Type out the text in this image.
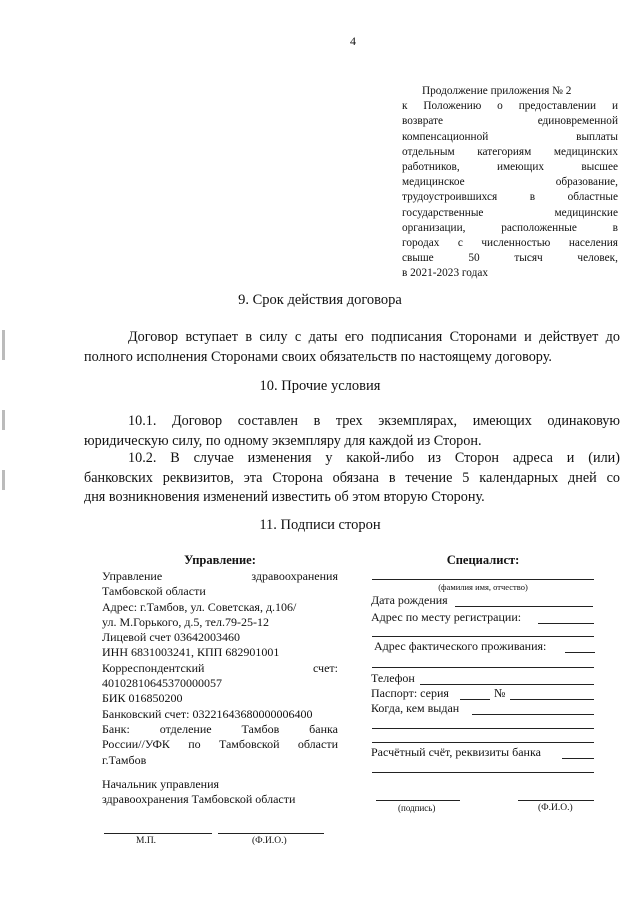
4
Продолжение приложения № 2
к Положению о предоставлении и
возврате единовременной
компенсационной выплаты
отдельным категориям медицинских
работников, имеющих высшее
медицинское образование,
трудоустроившихся в областные
государственные медицинские
организации, расположенные в
городах с численностью населения
свыше 50 тысяч человек,
в 2021-2023 годах
9. Срок действия договора
Договор вступает в силу с даты его подписания Сторонами и действует до
полного исполнения Сторонами своих обязательств по настоящему договору.
10. Прочие условия
10.1. Договор составлен в трех экземплярах, имеющих одинаковую
юридическую силу, по одному экземпляру для каждой из Сторон.
10.2. В случае изменения у какой-либо из Сторон адреса и (или)
банковских реквизитов, эта Сторона обязана в течение 5 календарных дней со
дня возникновения изменений известить об этом вторую Сторону.
11. Подписи сторон
Управление:
Управление здравоохранения
Тамбовской области
Адрес: г.Тамбов, ул. Советская, д.106/
ул. М.Горького, д.5, тел.79-25-12
Лицевой счет 03642003460
ИНН 6831003241, КПП 682901001
Корреспондентский счет:
40102810645370000057
БИК 016850200
Банковский счет: 03221643680000006400
Банк: отделение Тамбов банка
России//УФК по Тамбовской области
г.Тамбов
Начальник управления
здравоохранения Тамбовской области
М.П.	(Ф.И.О.)
Специалист:
(фамилия имя, отчество)
Дата рождения
Адрес по месту регистрации:
Адрес фактического проживания:
Телефон
Паспорт: серия	№
Когда, кем выдан
Расчётный счёт, реквизиты банка
(подпись)	(Ф.И.О.)
